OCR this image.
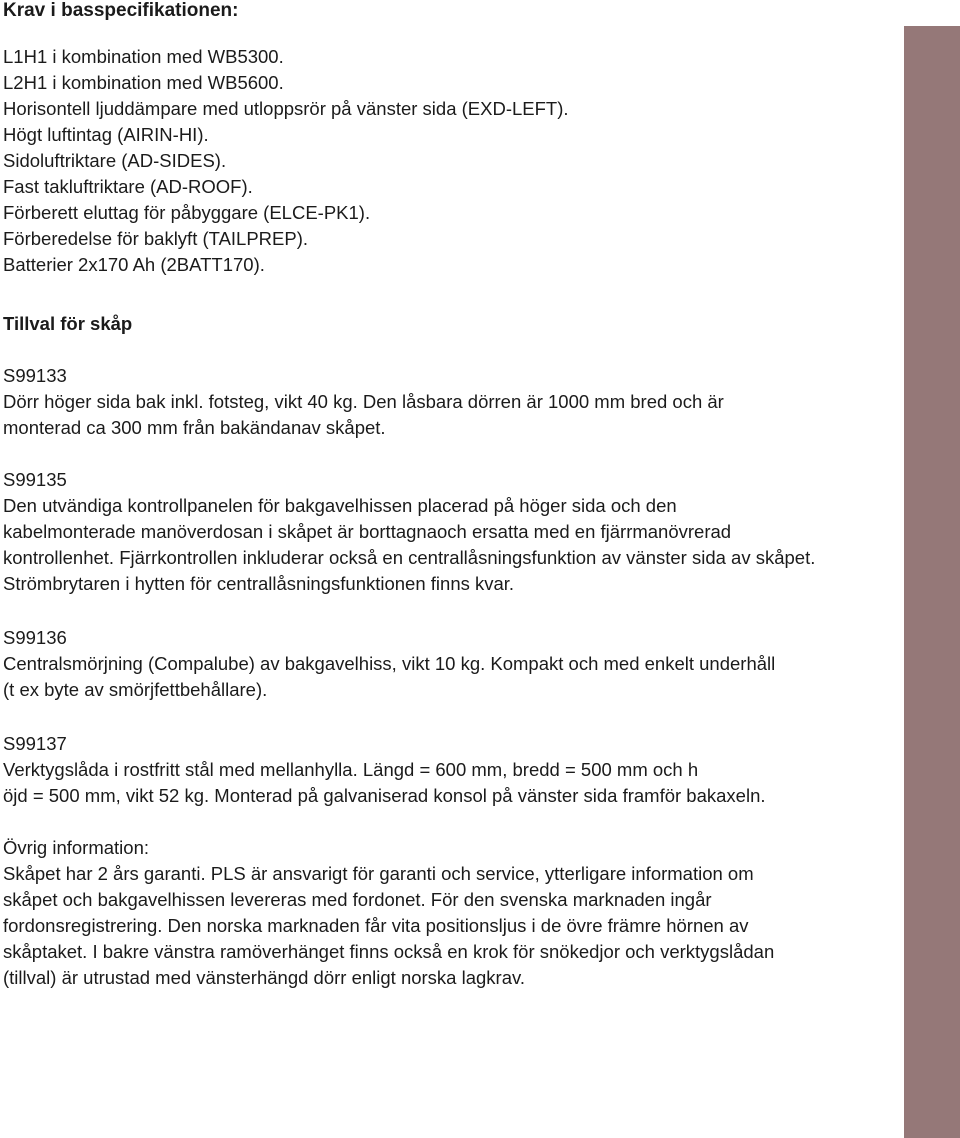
Krav i basspecifikationen:
L1H1 i kombination med WB5300.
L2H1 i kombination med WB5600.
Horisontell ljuddämpare med utloppsrör på vänster sida (EXD-LEFT).
Högt luftintag (AIRIN-HI).
Sidoluftriktare (AD-SIDES).
Fast takluftriktare (AD-ROOF).
Förberett eluttag för påbyggare (ELCE-PK1).
Förberedelse för baklyft (TAILPREP).
Batterier 2x170 Ah (2BATT170).
Tillval för skåp
S99133
Dörr höger sida bak inkl. fotsteg, vikt 40 kg. Den låsbara dörren är 1000 mm bred och är
monterad ca 300 mm från bakändanav skåpet.
S99135
Den utvändiga kontrollpanelen för bakgavelhissen placerad på höger sida och den
kabelmonterade manöverdosan i skåpet är borttagnaoch ersatta med en fjärrmanövrerad
kontrollenhet. Fjärrkontrollen inkluderar också en centrallåsningsfunktion av vänster sida av skåpet.
Strömbrytaren i hytten för centrallåsningsfunktionen finns kvar.
S99136
Centralsmörjning (Compalube) av bakgavelhiss, vikt 10 kg. Kompakt och med enkelt underhåll
(t ex byte av smörjfettbehållare).
S99137
Verktygslåda i rostfritt stål med mellanhylla. Längd = 600 mm, bredd = 500 mm och h
öjd = 500 mm, vikt 52 kg. Monterad på galvaniserad konsol på vänster sida framför bakaxeln.
Övrig information:
Skåpet har 2 års garanti. PLS är ansvarigt för garanti och service, ytterligare information om
skåpet och bakgavelhissen levereras med fordonet. För den svenska marknaden ingår
fordonsregistrering. Den norska marknaden får vita positionsljus i de övre främre hörnen av
skåptaket. I bakre vänstra ramöverhänget finns också en krok för snökedjor och verktygslådan
(tillval) är utrustad med vänsterhängd dörr enligt norska lagkrav.
VOLVO KONCEPT
